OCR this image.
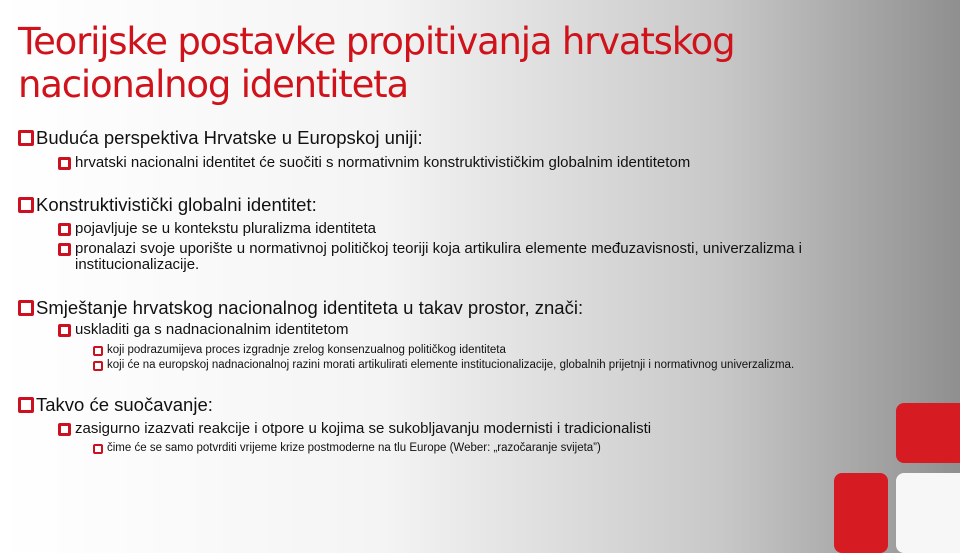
Teorijske postavke propitivanja hrvatskog
nacionalnog identiteta
Buduća perspektiva Hrvatske u Europskoj uniji:
hrvatski nacionalni identitet će suočiti s normativnim konstruktivističkim globalnim identitetom
Konstruktivistički globalni identitet:
pojavljuje se u kontekstu pluralizma identiteta
pronalazi svoje uporište u normativnoj političkoj teoriji koja artikulira elemente međuzavisnosti, univerzalizma i institucionalizacije.
Smještanje hrvatskog nacionalnog identiteta u takav prostor, znači:
uskladiti ga s nadnacionalnim identitetom
koji podrazumijeva proces izgradnje zrelog konsenzualnog političkog identiteta
koji će na europskoj nadnacionalnoj razini morati artikulirati elemente institucionalizacije, globalnih prijetnji i normativnog univerzalizma.
Takvo će suočavanje:
zasigurno izazvati reakcije i otpore u kojima se sukobljavanju modernisti i tradicionalisti
čime će se samo potvrditi vrijeme krize postmoderne na tlu Europe (Weber: „razočaranje svijeta”)
